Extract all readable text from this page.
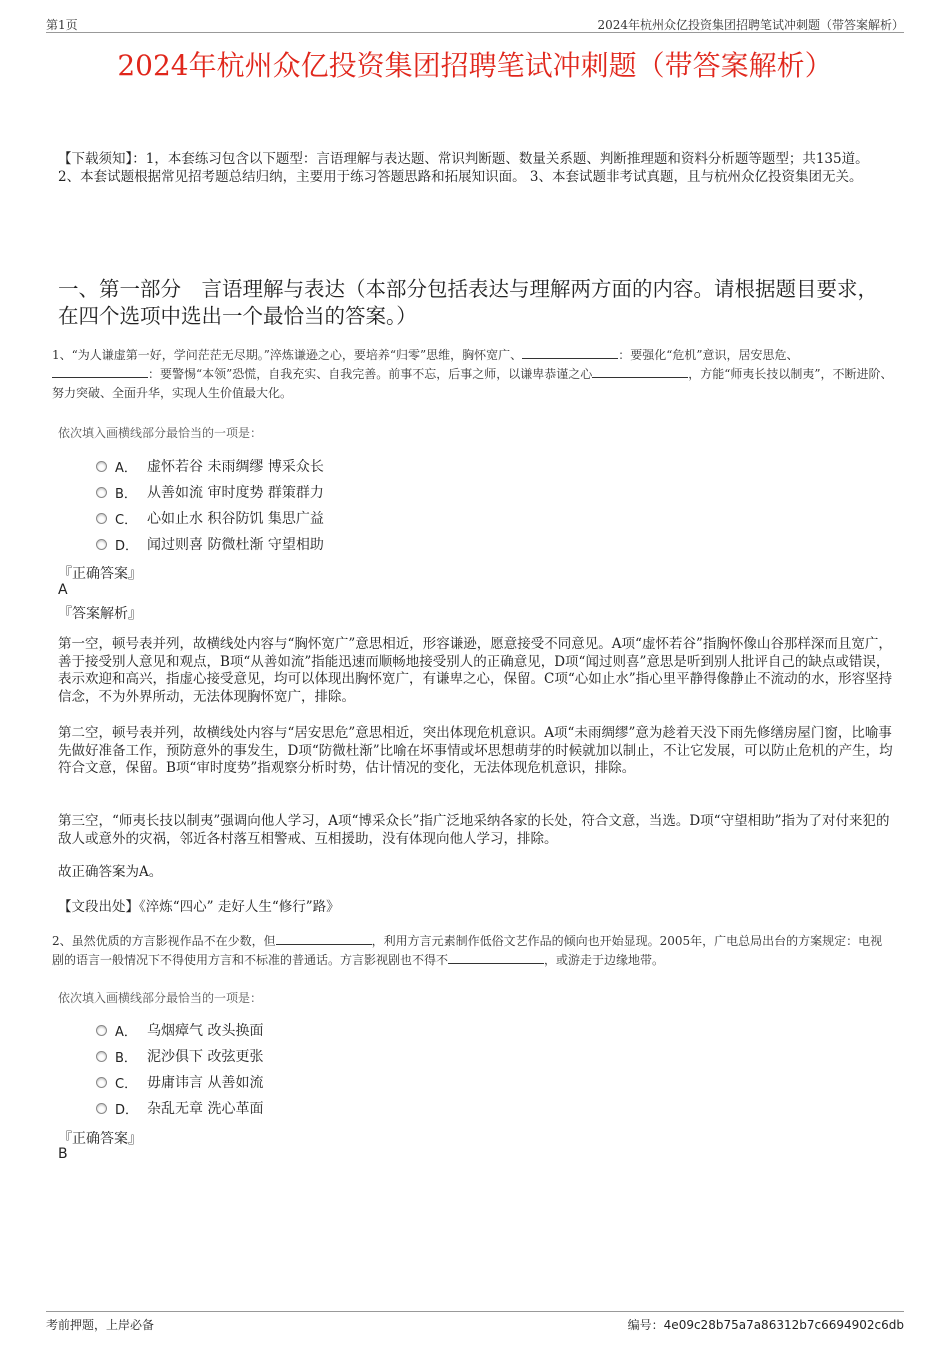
第1页	2024年杭州众亿投资集团招聘笔试冲刺题（带答案解析）
2024年杭州众亿投资集团招聘笔试冲刺题（带答案解析）
【下载须知】：1，本套练习包含以下题型：言语理解与表达题、常识判断题、数量关系题、判断推理题和资料分析题等题型；共135道。 2、本套试题根据常见招考题总结归纳，主要用于练习答题思路和拓展知识面。 3、本套试题非考试真题，且与杭州众亿投资集团无关。
一、第一部分　言语理解与表达（本部分包括表达与理解两方面的内容。请根据题目要求，在四个选项中选出一个最恰当的答案。）
1、“为人谦虚第一好，学问茫茫无尽期。”淬炼谦逊之心，要培养“归零”思维，胸怀宽广、	：要强化“危机”意识，居安思危、：要警惕“本领”恐慌，自我充实、自我完善。前事不忘，后事之师，以谦卑恭谨之心	，方能“师夷长技以制夷”，不断进阶、努力突破、全面升华，实现人生价值最大化。
依次填入画横线部分最恰当的一项是：
A． 虚怀若谷 未雨绸缪 博采众长
B． 从善如流 审时度势 群策群力
C． 心如止水 积谷防饥 集思广益
D． 闻过则喜 防微杜渐 守望相助
『正确答案』
A
『答案解析』
第一空，顿号表并列，故横线处内容与“胸怀宽广”意思相近，形容谦逊，愿意接受不同意见。A项“虚怀若谷”指胸怀像山谷那样深而且宽广，善于接受别人意见和观点，B项“从善如流”指能迅速而顺畅地接受别人的正确意见，D项“闻过则喜”意思是听到别人批评自己的缺点或错误，表示欢迎和高兴，指虚心接受意见，均可以体现出胸怀宽广，有谦卑之心，保留。C项“心如止水”指心里平静得像静止不流动的水，形容坚持信念，不为外界所动，无法体现胸怀宽广，排除。
第二空，顿号表并列，故横线处内容与“居安思危”意思相近，突出体现危机意识。A项“未雨绸缪”意为趁着天没下雨先修缮房屋门窗，比喻事先做好准备工作，预防意外的事发生，D项“防微杜渐”比喻在坏事情或坏思想萌芽的时候就加以制止，不让它发展，可以防止危机的产生，均符合文意，保留。B项“审时度势”指观察分析时势，估计情况的变化，无法体现危机意识，排除。
第三空，“师夷长技以制夷”强调向他人学习，A项“博采众长”指广泛地采纳各家的长处，符合文意，当选。D项“守望相助”指为了对付来犯的敌人或意外的灾祸，邻近各村落互相警戒、互相援助，没有体现向他人学习，排除。
故正确答案为A。
【文段出处】《淬炼“四心” 走好人生“修行”路》
2、虽然优质的方言影视作品不在少数，但	，利用方言元素制作低俗文艺作品的倾向也开始显现。2005年，广电总局出台的方案规定：电视剧的语言一般情况下不得使用方言和不标准的普通话。方言影视剧也不得不	，或游走于边缘地带。
依次填入画横线部分最恰当的一项是：
A． 乌烟瘴气 改头换面
B． 泥沙俱下 改弦更张
C． 毋庸讳言 从善如流
D． 杂乱无章 洗心革面
『正确答案』
B
考前押题，上岸必备	编号：4e09c28b75a7a86312b7c6694902c6db
